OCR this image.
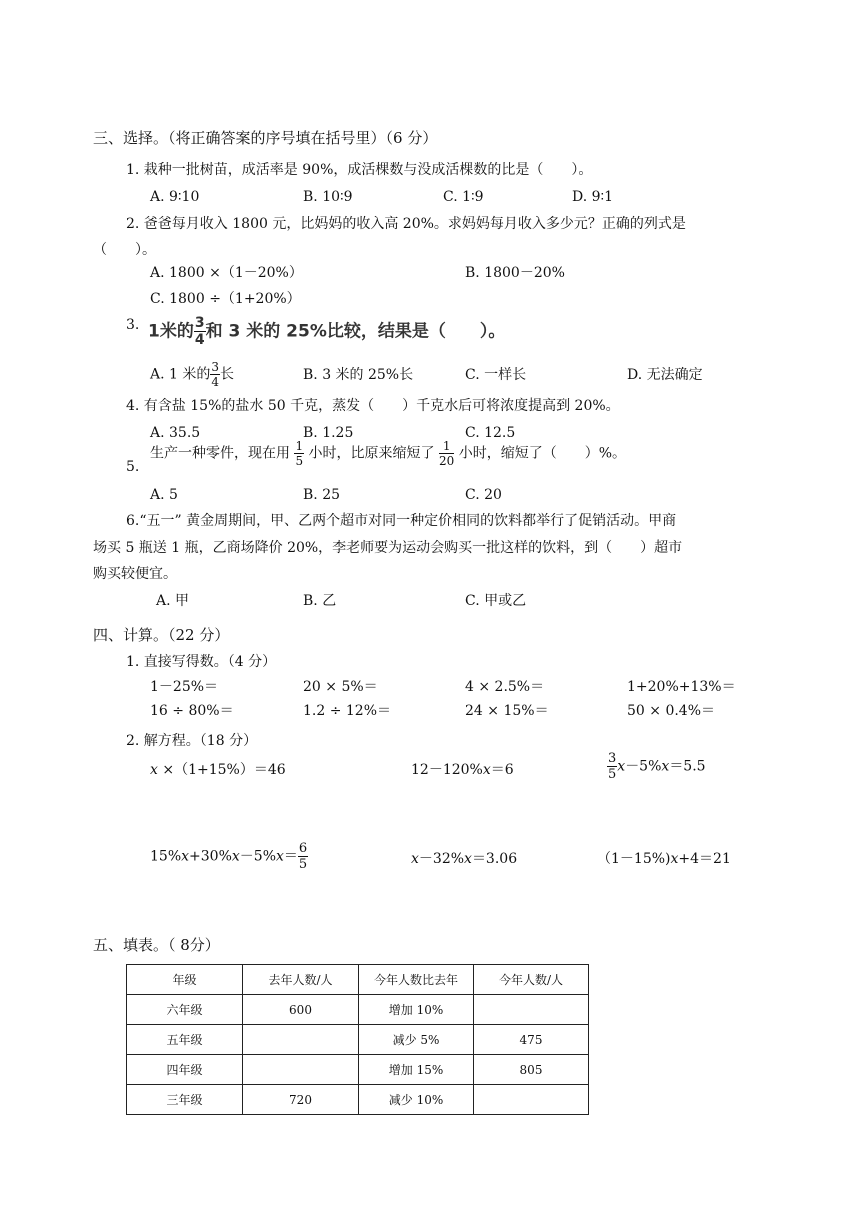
三、选择。（将正确答案的序号填在括号里）（6 分）
1. 栽种一批树苗，成活率是 90%，成活棵数与没成活棵数的比是（　　）。
A. 9∶10	B. 10∶9	C. 1∶9	D. 9∶1
2. 爸爸每月收入 1800 元，比妈妈的收入高 20%。求妈妈每月收入多少元？正确的列式是
（　　）。
A. 1800 ×（1－20%）	B. 1800－20%
C. 1800 ÷（1+20%）
3. 1米的 $\frac{3}{4}$ 和 3 米的 25%比较，结果是（　　）。
A. 1 米的 $\frac{3}{4}$ 长	B. 3 米的 25%长	C. 一样长	D. 无法确定
4. 有含盐 15%的盐水 50 千克，蒸发（　　）千克水后可将浓度提高到 20%。
A. 35.5	B. 1.25	C. 12.5
5.
生产一种零件，现在用 $\frac{1}{5}$ 小时，比原来缩短了 $\frac{1}{20}$ 小时，缩短了（　　）%。
A. 5	B. 25	C. 20
6.“五一” 黄金周期间，甲、乙两个超市对同一种定价相同的饮料都举行了促销活动。甲商
场买 5 瓶送 1 瓶，乙商场降价 20%，李老师要为运动会购买一批这样的饮料，到（　　）超市
购买较便宜。
A. 甲	B. 乙	C. 甲或乙
四、计算。（22 分）
1. 直接写得数。（4 分）
1－25%＝	20 × 5%＝	4 × 2.5%＝	1+20%+13%＝
16 ÷ 80%＝	1.2 ÷ 12%＝	24 × 15%＝	50 × 0.4%＝
2. 解方程。（18 分）
x ×（1+15%）＝46	12－120%x＝6	$\frac{3}{5} x-5\%x=5.5$
$15\%x+30\%x-5\%x= \frac{6}{5}$	x－32%x＝3.06	（1－15%)x+4＝21
五、填表。（ 8分）
年级	去年人数/人	今年人数比去年	今年人数/人
六年级	600	增加 10%	
五年级		减少 5%	475
四年级		增加 15%	805
三年级	720	减少 10%	
